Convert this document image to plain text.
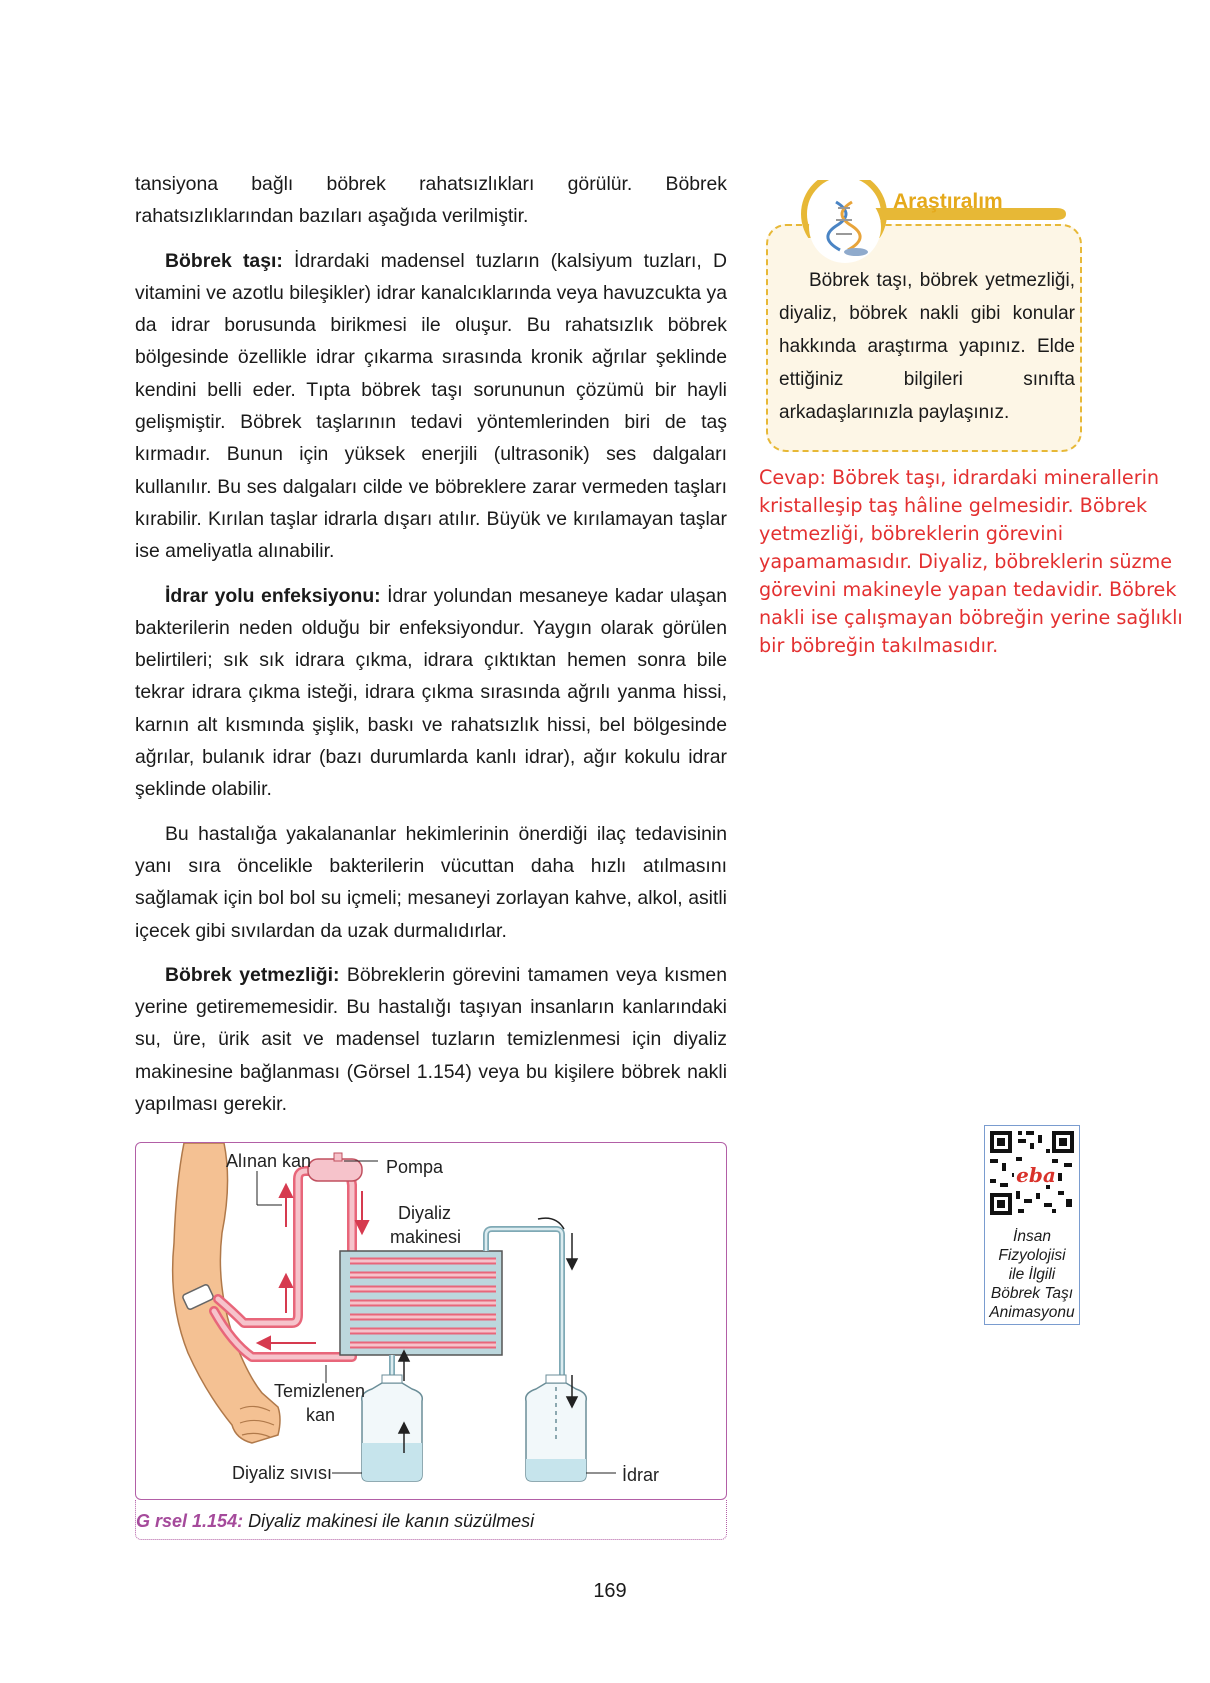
tansiyona bağlı böbrek rahatsızlıkları görülür. Böbrek rahatsızlıklarından bazıları aşağıda verilmiştir.

Böbrek taşı: İdrardaki madensel tuzların (kalsiyum tuzları, D vitamini ve azotlu bileşikler) idrar kanalcıklarında veya havuzcukta ya da idrar borusunda birikmesi ile oluşur. Bu rahatsızlık böbrek bölgesinde özellikle idrar çıkarma sırasında kronik ağrılar şeklinde kendini belli eder. Tıpta böbrek taşı sorununun çözümü bir hayli gelişmiştir. Böbrek taşlarının tedavi yöntemlerinden biri de taş kırmadır. Bunun için yüksek enerjili (ultrasonik) ses dalgaları kullanılır. Bu ses dalgaları cilde ve böbreklere zarar vermeden taşları kırabilir. Kırılan taşlar idrarla dışarı atılır. Büyük ve kırılamayan taşlar ise ameliyatla alınabilir.

İdrar yolu enfeksiyonu: İdrar yolundan mesaneye kadar ulaşan bakterilerin neden olduğu bir enfeksiyondur. Yaygın olarak görülen belirtileri; sık sık idrara çıkma, idrara çıktıktan hemen sonra bile tekrar idrara çıkma isteği, idrara çıkma sırasında ağrılı yanma hissi, karnın alt kısmında şişlik, baskı ve rahatsızlık hissi, bel bölgesinde ağrılar, bulanık idrar (bazı durumlarda kanlı idrar), ağır kokulu idrar şeklinde olabilir.

Bu hastalığa yakalananlar hekimlerinin önerdiği ilaç tedavisinin yanı sıra öncelikle bakterilerin vücuttan daha hızlı atılmasını sağlamak için bol bol su içmeli; mesaneyi zorlayan kahve, alkol, asitli içecek gibi sıvılardan da uzak durmalıdırlar.

Böbrek yetmezliği: Böbreklerin görevini tamamen veya kısmen yerine getirememesidir. Bu hastalığı taşıyan insanların kanlarındaki su, üre, ürik asit ve madensel tuzların temizlenmesi için diyaliz makinesine bağlanması (Görsel 1.154) veya bu kişilere böbrek nakli yapılması gerekir.

Araştıralım
Böbrek taşı, böbrek yetmezliği, diyaliz, böbrek nakli gibi konular hakkında araştırma yapınız. Elde ettiğiniz bilgileri sınıfta arkadaşlarınızla paylaşınız.
Cevap: Böbrek taşı, idrardaki minerallerin kristalleşip taş hâline gelmesidir. Böbrek yetmezliği, böbreklerin görevini yapamamasıdır. Diyaliz, böbreklerin süzme görevini makineyle yapan tedavidir. Böbrek nakli ise çalışmayan böbreğin yerine sağlıklı bir böbreğin takılmasıdır.
eba
İnsan
Fizyolojisi
ile İlgili
Böbrek Taşı
Animasyonu
Alınan kan	Pompa
Diyaliz
makinesi
Temizlenen
kan
Diyaliz sıvısı	İdrar
G rsel 1.154: Diyaliz makinesi ile kanın süzülmesi
169
